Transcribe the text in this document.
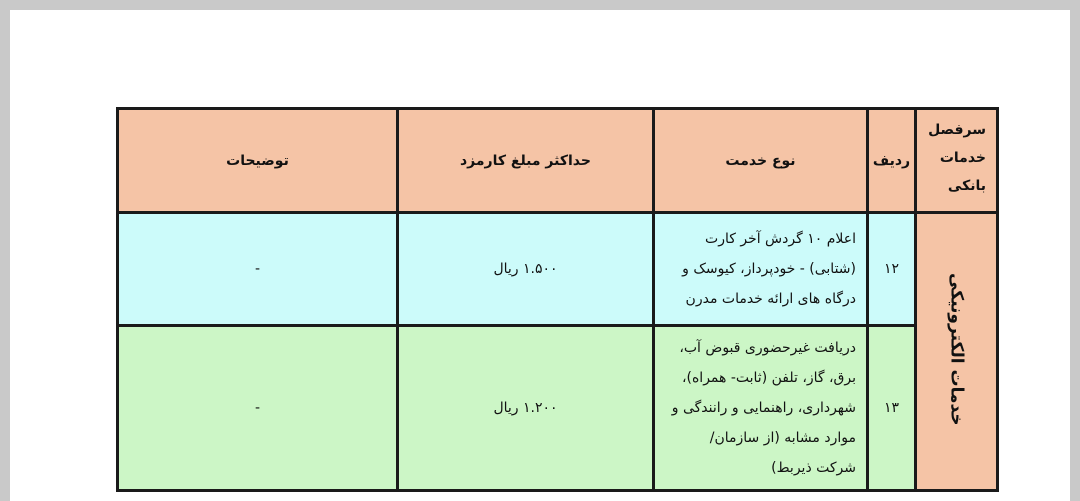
سرفصل
خدمات
بانکی	ردیف	نوع خدمت	حداکثر مبلغ کارمزد	توضیحات
خدمات الکترونیکی	۱۲	اعلام ۱۰ گردش آخر کارت (شتابی) - خودپرداز، کیوسک و درگاه های ارائه خدمات مدرن	۱.۵۰۰ ریال	-
	۱۳	دریافت غیرحضوری قبوض آب، برق، گاز، تلفن (ثابت- همراه)، شهرداری، راهنمایی و رانندگی و موارد مشابه (از سازمان/ شرکت ذیربط)	۱.۲۰۰ ریال	-
